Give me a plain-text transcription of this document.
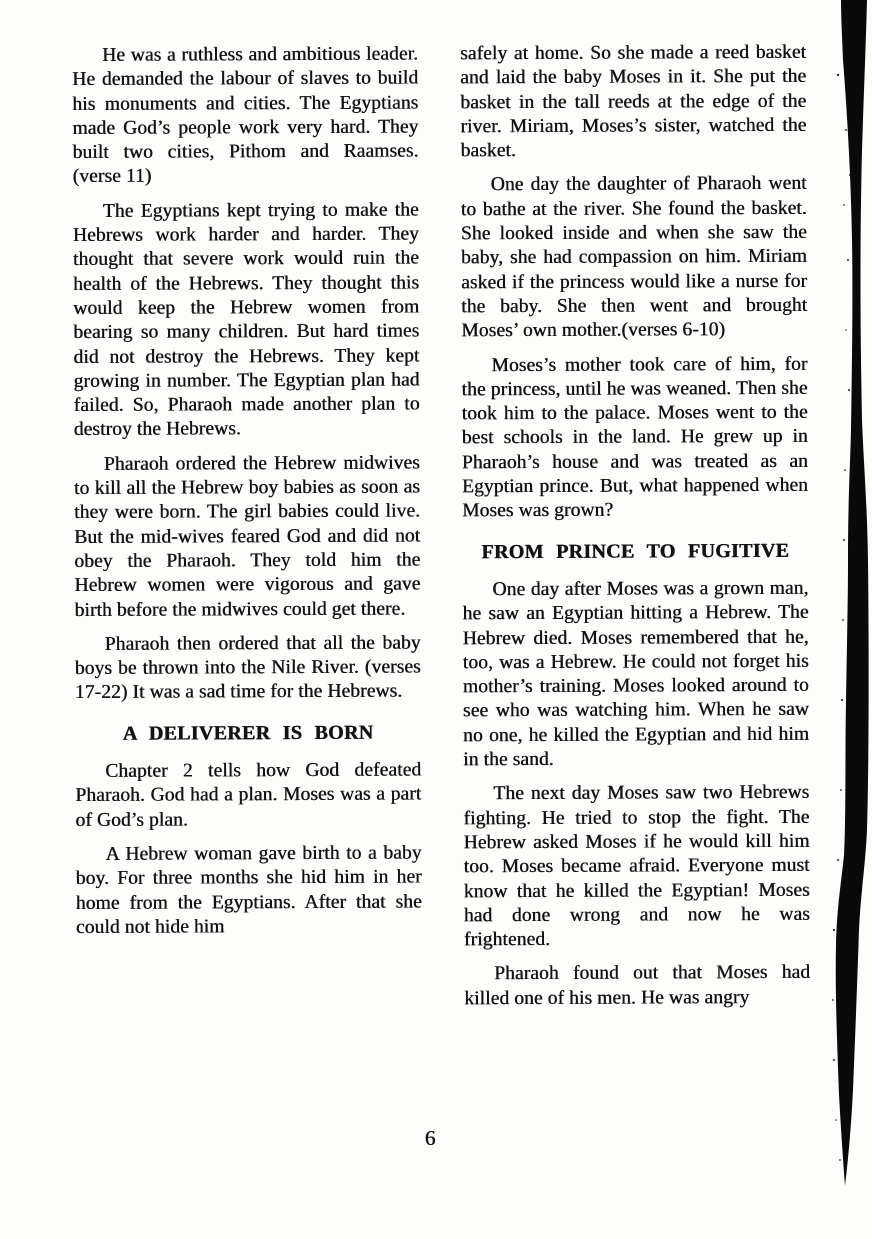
He was a ruthless and ambitious leader. He demanded the labour of slaves to build his monuments and cities. The Egyptians made God’s people work very hard. They built two cities, Pithom and Raamses. (verse 11)

The Egyptians kept trying to make the Hebrews work harder and harder. They thought that severe work would ruin the health of the Hebrews. They thought this would keep the Hebrew women from bearing so many children. But hard times did not destroy the Hebrews. They kept growing in number. The Egyptian plan had failed. So, Pharaoh made another plan to destroy the Hebrews.

Pharaoh ordered the Hebrew midwives to kill all the Hebrew boy babies as soon as they were born. The girl babies could live. But the mid-wives feared God and did not obey the Pharaoh. They told him the Hebrew women were vigorous and gave birth before the midwives could get there.

Pharaoh then ordered that all the baby boys be thrown into the Nile River. (verses 17-22) It was a sad time for the Hebrews.

A DELIVERER IS BORN

Chapter 2 tells how God defeated Pharaoh. God had a plan. Moses was a part of God’s plan.

A Hebrew woman gave birth to a baby boy. For three months she hid him in her home from the Egyptians. After that she could not hide him

safely at home. So she made a reed basket and laid the baby Moses in it. She put the basket in the tall reeds at the edge of the river. Miriam, Moses’s sister, watched the basket.

One day the daughter of Pharaoh went to bathe at the river. She found the basket. She looked inside and when she saw the baby, she had compassion on him. Miriam asked if the princess would like a nurse for the baby. She then went and brought Moses’ own mother.(verses 6-10)

Moses’s mother took care of him, for the princess, until he was weaned. Then she took him to the palace. Moses went to the best schools in the land. He grew up in Pharaoh’s house and was treated as an Egyptian prince. But, what happened when Moses was grown?

FROM PRINCE TO FUGITIVE

One day after Moses was a grown man, he saw an Egyptian hitting a Hebrew. The Hebrew died. Moses remembered that he, too, was a Hebrew. He could not forget his mother’s training. Moses looked around to see who was watching him. When he saw no one, he killed the Egyptian and hid him in the sand.

The next day Moses saw two Hebrews fighting. He tried to stop the fight. The Hebrew asked Moses if he would kill him too. Moses became afraid. Everyone must know that he killed the Egyptian! Moses had done wrong and now he was frightened.

Pharaoh found out that Moses had killed one of his men. He was angry

6
